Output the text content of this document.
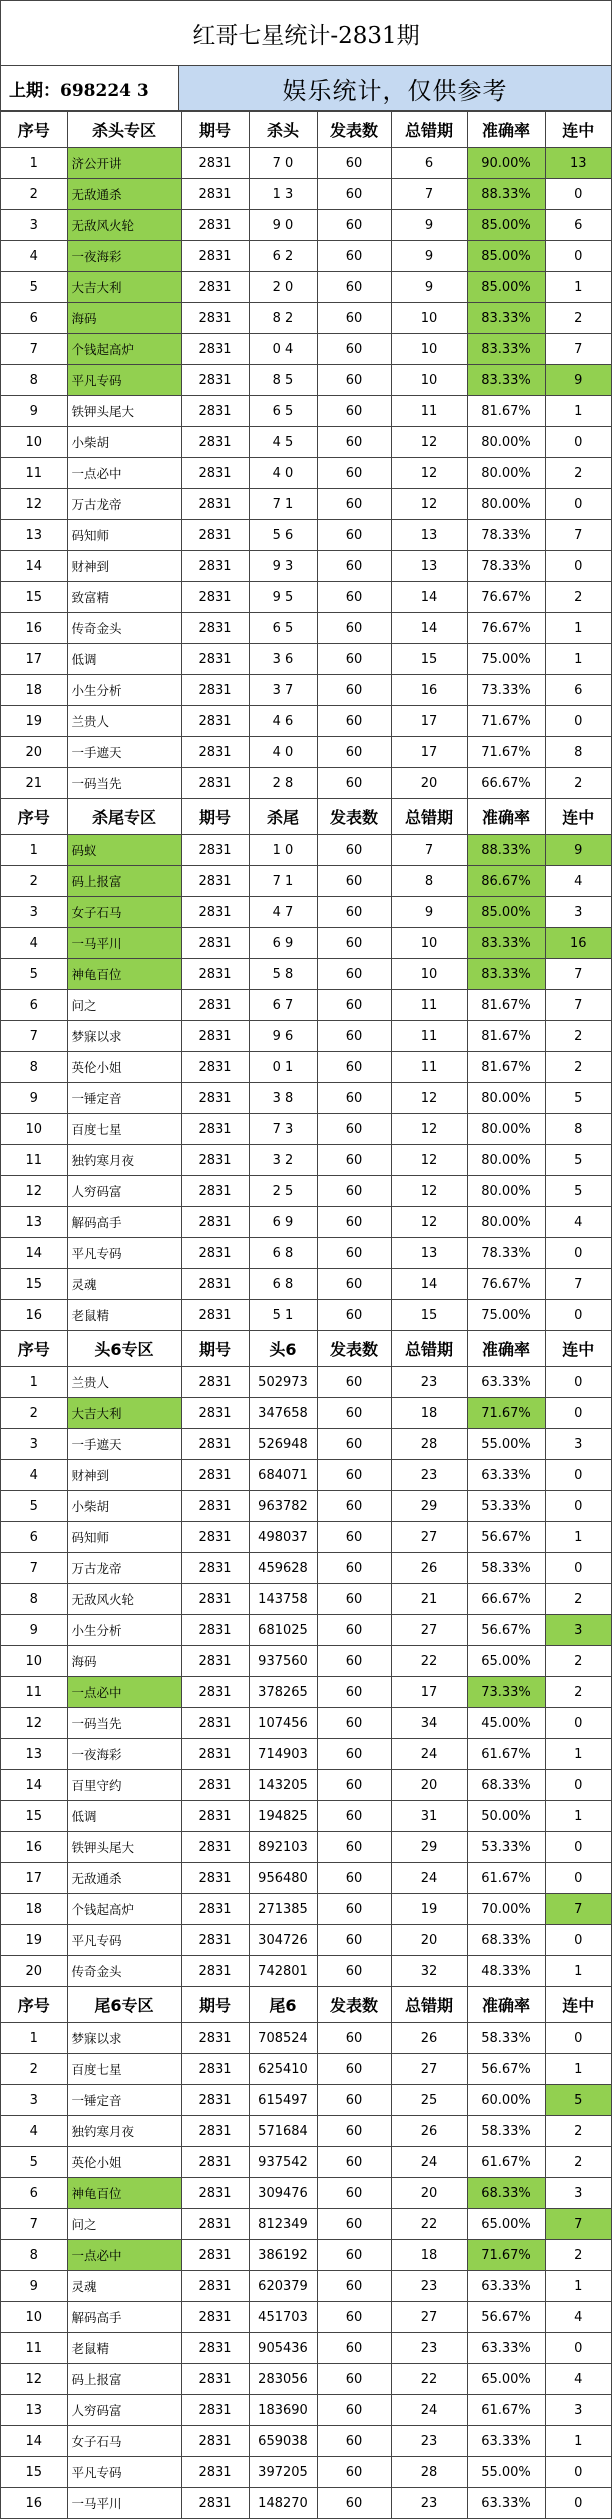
红哥七星统计-2831期
上期：698224 3	娱乐统计，仅供参考
序号	杀头专区	期号	杀头	发表数	总错期	准确率	连中
1	济公开讲	2831	7 0	60	6	90.00%	13
2	无敌通杀	2831	1 3	60	7	88.33%	0
3	无敌风火轮	2831	9 0	60	9	85.00%	6
4	一夜海彩	2831	6 2	60	9	85.00%	0
5	大吉大利	2831	2 0	60	9	85.00%	1
6	海码	2831	8 2	60	10	83.33%	2
7	个钱起高炉	2831	0 4	60	10	83.33%	7
8	平凡专码	2831	8 5	60	10	83.33%	9
9	铁钾头尾大	2831	6 5	60	11	81.67%	1
10	小柴胡	2831	4 5	60	12	80.00%	0
11	一点必中	2831	4 0	60	12	80.00%	2
12	万古龙帝	2831	7 1	60	12	80.00%	0
13	码知师	2831	5 6	60	13	78.33%	7
14	财神到	2831	9 3	60	13	78.33%	0
15	致富精	2831	9 5	60	14	76.67%	2
16	传奇金头	2831	6 5	60	14	76.67%	1
17	低调	2831	3 6	60	15	75.00%	1
18	小生分析	2831	3 7	60	16	73.33%	6
19	兰贵人	2831	4 6	60	17	71.67%	0
20	一手遮天	2831	4 0	60	17	71.67%	8
21	一码当先	2831	2 8	60	20	66.67%	2
序号	杀尾专区	期号	杀尾	发表数	总错期	准确率	连中
1	码蚁	2831	1 0	60	7	88.33%	9
2	码上报富	2831	7 1	60	8	86.67%	4
3	女子石马	2831	4 7	60	9	85.00%	3
4	一马平川	2831	6 9	60	10	83.33%	16
5	神龟百位	2831	5 8	60	10	83.33%	7
6	问之	2831	6 7	60	11	81.67%	7
7	梦寐以求	2831	9 6	60	11	81.67%	2
8	英伦小姐	2831	0 1	60	11	81.67%	2
9	一锤定音	2831	3 8	60	12	80.00%	5
10	百度七星	2831	7 3	60	12	80.00%	8
11	独钓寒月夜	2831	3 2	60	12	80.00%	5
12	人穷码富	2831	2 5	60	12	80.00%	5
13	解码高手	2831	6 9	60	12	80.00%	4
14	平凡专码	2831	6 8	60	13	78.33%	0
15	灵魂	2831	6 8	60	14	76.67%	7
16	老鼠精	2831	5 1	60	15	75.00%	0
序号	头6专区	期号	头6	发表数	总错期	准确率	连中
1	兰贵人	2831	502973	60	23	63.33%	0
2	大吉大利	2831	347658	60	18	71.67%	0
3	一手遮天	2831	526948	60	28	55.00%	3
4	财神到	2831	684071	60	23	63.33%	0
5	小柴胡	2831	963782	60	29	53.33%	0
6	码知师	2831	498037	60	27	56.67%	1
7	万古龙帝	2831	459628	60	26	58.33%	0
8	无敌风火轮	2831	143758	60	21	66.67%	2
9	小生分析	2831	681025	60	27	56.67%	3
10	海码	2831	937560	60	22	65.00%	2
11	一点必中	2831	378265	60	17	73.33%	2
12	一码当先	2831	107456	60	34	45.00%	0
13	一夜海彩	2831	714903	60	24	61.67%	1
14	百里守约	2831	143205	60	20	68.33%	0
15	低调	2831	194825	60	31	50.00%	1
16	铁钾头尾大	2831	892103	60	29	53.33%	0
17	无敌通杀	2831	956480	60	24	61.67%	0
18	个钱起高炉	2831	271385	60	19	70.00%	7
19	平凡专码	2831	304726	60	20	68.33%	0
20	传奇金头	2831	742801	60	32	48.33%	1
序号	尾6专区	期号	尾6	发表数	总错期	准确率	连中
1	梦寐以求	2831	708524	60	26	58.33%	0
2	百度七星	2831	625410	60	27	56.67%	1
3	一锤定音	2831	615497	60	25	60.00%	5
4	独钓寒月夜	2831	571684	60	26	58.33%	2
5	英伦小姐	2831	937542	60	24	61.67%	2
6	神龟百位	2831	309476	60	20	68.33%	3
7	问之	2831	812349	60	22	65.00%	7
8	一点必中	2831	386192	60	18	71.67%	2
9	灵魂	2831	620379	60	23	63.33%	1
10	解码高手	2831	451703	60	27	56.67%	4
11	老鼠精	2831	905436	60	23	63.33%	0
12	码上报富	2831	283056	60	22	65.00%	4
13	人穷码富	2831	183690	60	24	61.67%	3
14	女子石马	2831	659038	60	23	63.33%	1
15	平凡专码	2831	397205	60	28	55.00%	0
16	一马平川	2831	148270	60	23	63.33%	0
